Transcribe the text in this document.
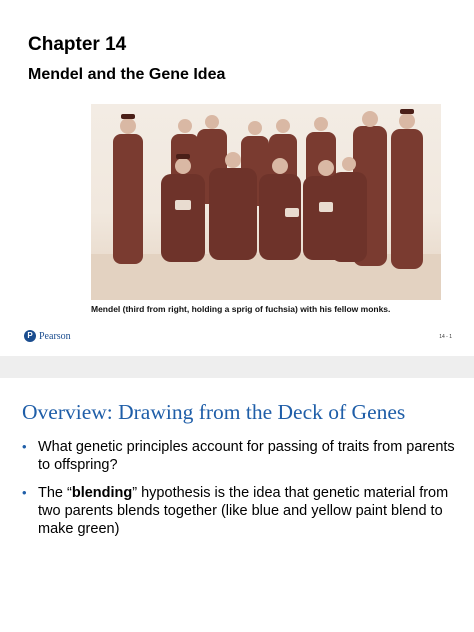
Chapter 14
Mendel and the Gene Idea
Mendel (third from right, holding a sprig of fuchsia) with his fellow monks.
P Pearson	14 - 1
Overview: Drawing from the Deck of Genes
• What genetic principles account for passing of traits from parents to offspring?
• The “blending” hypothesis is the idea that genetic material from two parents blends together (like blue and yellow paint blend to make green)
